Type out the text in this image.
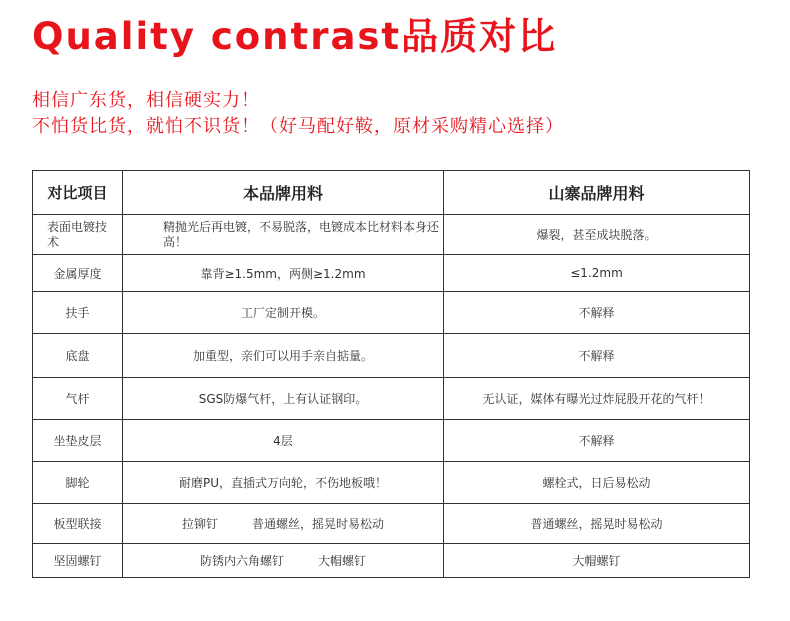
Quality contrast品质对比
相信广东货，相信硬实力！
不怕货比货，就怕不识货！（好马配好鞍，原材采购精心选择）
对比项目	本品牌用料	山寨品牌用料
表面电镀技术	精抛光后再电镀，不易脱落，电镀成本比材料本身还高！	爆裂，甚至成块脱落。
金属厚度	靠背≥1.5mm，两侧≥1.2mm	≤1.2mm
扶手	工厂定制开模。	不解释
底盘	加重型，亲们可以用手亲自掂量。	不解释
气杆	SGS防爆气杆，上有认证钢印。	无认证，媒体有曝光过炸屁股开花的气杆！
坐垫皮层	4层	不解释
脚轮	耐磨PU，直插式万向轮，不伤地板哦！	螺栓式，日后易松动
板型联接	拉铆钉 普通螺丝，摇晃时易松动	普通螺丝，摇晃时易松动
坚固螺钉	防锈内六角螺钉 大帽螺钉	大帽螺钉
